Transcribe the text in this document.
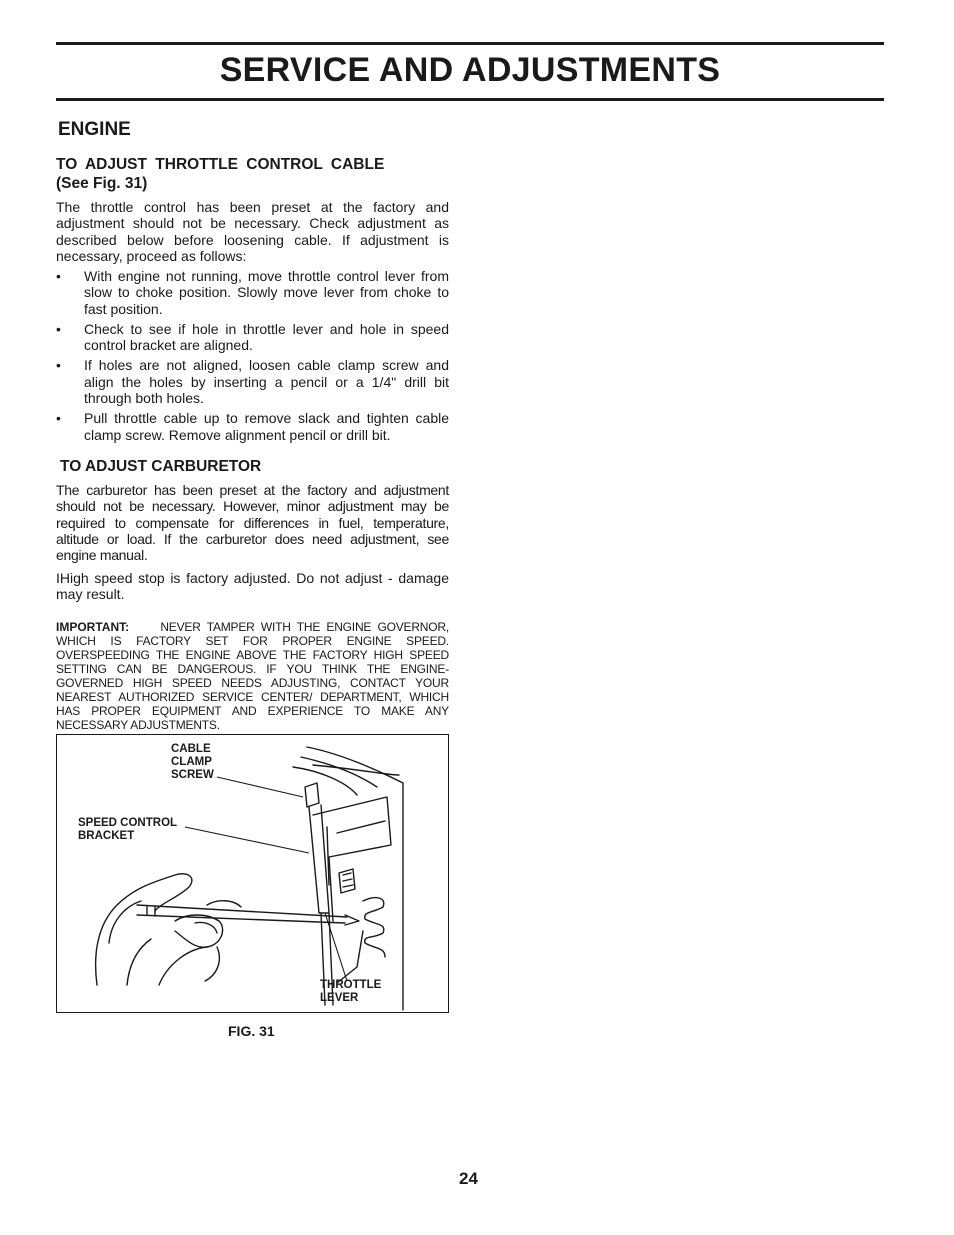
SERVICE AND ADJUSTMENTS
ENGINE
TO ADJUST THROTTLE CONTROL CABLE
(See Fig. 31)

The throttle control has been preset at the factory and adjustment should not be necessary. Check adjustment as described below before loosening cable. If adjustment is necessary, proceed as follows:

• With engine not running, move throttle control lever from slow to choke position. Slowly move lever from choke to fast position.
• Check to see if hole in throttle lever and hole in speed control bracket are aligned.
• If holes are not aligned, loosen cable clamp screw and align the holes by inserting a pencil or a 1/4" drill bit through both holes.
• Pull throttle cable up to remove slack and tighten cable clamp screw. Remove alignment pencil or drill bit.
TO ADJUST CARBURETOR

The carburetor has been preset at the factory and adjustment should not be necessary. However, minor adjustment may be required to compensate for differences in fuel, temperature, altitude or load. If the carburetor does need adjustment, see engine manual.

IHigh speed stop is factory adjusted. Do not adjust - damage may result.

IMPORTANT:	NEVER TAMPER WITH THE ENGINE GOVERNOR, WHICH IS FACTORY SET FOR PROPER ENGINE SPEED. OVERSPEEDING THE ENGINE ABOVE THE FACTORY HIGH SPEED SETTING CAN BE DANGEROUS. IF YOU THINK THE ENGINE-GOVERNED HIGH SPEED NEEDS ADJUSTING, CONTACT YOUR NEAREST AUTHORIZED SERVICE CENTER/ DEPARTMENT, WHICH HAS PROPER EQUIPMENT AND EXPERIENCE TO MAKE ANY NECESSARY ADJUSTMENTS.

CABLE
CLAMP
SCREW
SPEED CONTROL
BRACKET
THROTTLE
LEVER
FIG. 31
24
